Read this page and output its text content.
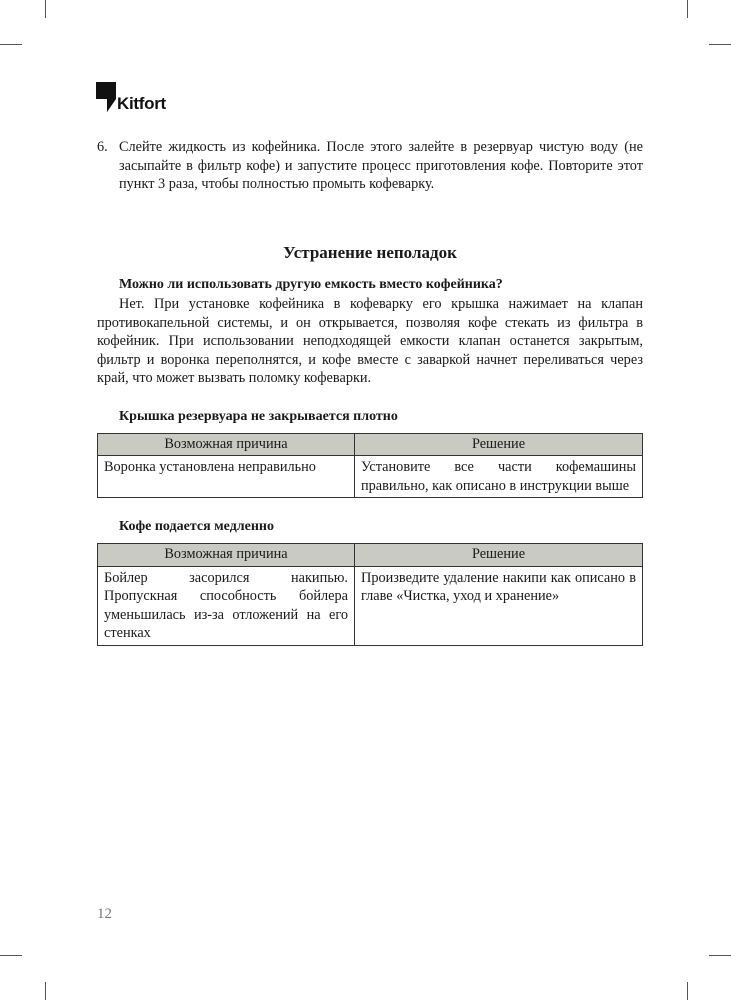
Kitfort
6. Слейте жидкость из кофейника. После этого залейте в резервуар чистую воду (не засыпайте в фильтр кофе) и запустите процесс приготовления кофе. Повторите этот пункт 3 раза, чтобы полностью промыть кофеварку.
Устранение неполадок
Можно ли использовать другую емкость вместо кофейника?
Нет. При установке кофейника в кофеварку его крышка нажимает на клапан противокапельной системы, и он открывается, позволяя кофе стекать из фильтра в кофейник. При использовании неподходящей емкости клапан останется закрытым, фильтр и воронка переполнятся, и кофе вместе с заваркой начнет переливаться через край, что может вызвать поломку кофеварки.
Крышка резервуара не закрывается плотно
Возможная причина	Решение
Воронка установлена неправильно	Установите все части кофемашины правильно, как описано в инструкции выше
Кофе подается медленно
Возможная причина	Решение
Бойлер засорился накипью. Пропускная способность бойлера уменьшилась из-за отложений на его стенках	Произведите удаление накипи как описано в главе «Чистка, уход и хранение»
12
